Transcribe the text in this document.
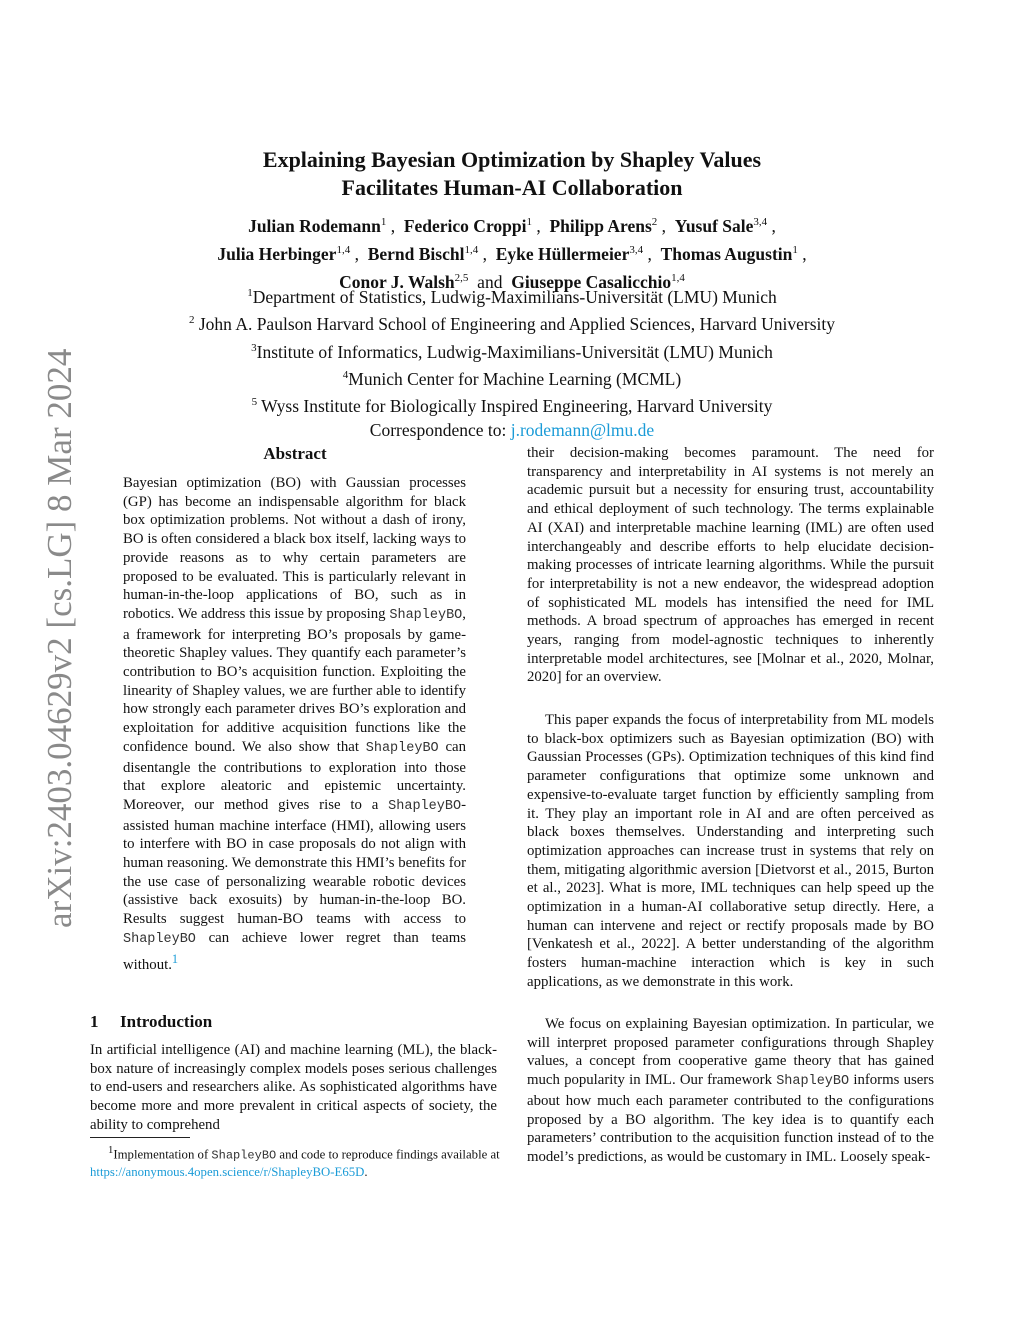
arXiv:2403.04629v2 [cs.LG] 8 Mar 2024
Explaining Bayesian Optimization by Shapley Values
Facilitates Human-AI Collaboration
Julian Rodemann$^1$ ,  Federico Croppi$^1$ ,  Philipp Arens$^2$ ,  Yusuf Sale$^{3,4}$ ,
Julia Herbinger$^{1,4}$ ,  Bernd Bischl$^{1,4}$ ,  Eyke Hüllermeier$^{3,4}$ ,  Thomas Augustin$^1$ ,
Conor J. Walsh$^{2,5}$ and Giuseppe Casalicchio$^{1,4}$
$^1$Department of Statistics, Ludwig-Maximilians-Universität (LMU) Munich
$^2$ John A. Paulson Harvard School of Engineering and Applied Sciences, Harvard University
$^3$Institute of Informatics, Ludwig-Maximilians-Universität (LMU) Munich
$^4$Munich Center for Machine Learning (MCML)
$^5$ Wyss Institute for Biologically Inspired Engineering, Harvard University
Correspondence to: j.rodemann@lmu.de
Abstract

Bayesian optimization (BO) with Gaussian processes (GP) has become an indispensable algorithm for black box optimization problems. Not without a dash of irony, BO is often considered a black box itself, lacking ways to provide reasons as to why certain parameters are proposed to be evaluated. This is particularly relevant in human-in-the-loop applications of BO, such as in robotics. We address this issue by proposing ShapleyBO, a framework for interpreting BO’s proposals by game-theoretic Shapley values. They quantify each parameter’s contribution to BO’s acquisition function. Exploiting the linearity of Shapley values, we are further able to identify how strongly each parameter drives BO’s exploration and exploitation for additive acquisition functions like the confidence bound. We also show that ShapleyBO can disentangle the contributions to exploration into those that explore aleatoric and epistemic uncertainty. Moreover, our method gives rise to a ShapleyBO-assisted human machine interface (HMI), allowing users to interfere with BO in case proposals do not align with human reasoning. We demonstrate this HMI’s benefits for the use case of personalizing wearable robotic devices (assistive back exosuits) by human-in-the-loop BO. Results suggest human-BO teams with access to ShapleyBO can achieve lower regret than teams without.$^1$

1 Introduction

In artificial intelligence (AI) and machine learning (ML), the black-box nature of increasingly complex models poses serious challenges to end-users and researchers alike. As sophisticated algorithms have become more and more prevalent in critical aspects of society, the ability to comprehend

$^1$Implementation of ShapleyBO and code to reproduce findings available at https://anonymous.4open.science/r/ShapleyBO-E65D.

their decision-making becomes paramount. The need for transparency and interpretability in AI systems is not merely an academic pursuit but a necessity for ensuring trust, accountability and ethical deployment of such technology. The terms explainable AI (XAI) and interpretable machine learning (IML) are often used interchangeably and describe efforts to help elucidate decision-making processes of intricate learning algorithms. While the pursuit for interpretability is not a new endeavor, the widespread adoption of sophisticated ML models has intensified the need for IML methods. A broad spectrum of approaches has emerged in recent years, ranging from model-agnostic techniques to inherently interpretable model architectures, see [Molnar et al., 2020, Molnar, 2020] for an overview.

This paper expands the focus of interpretability from ML models to black-box optimizers such as Bayesian optimization (BO) with Gaussian Processes (GPs). Optimization techniques of this kind find parameter configurations that optimize some unknown and expensive-to-evaluate target function by efficiently sampling from it. They play an important role in AI and are often perceived as black boxes themselves. Understanding and interpreting such optimization approaches can increase trust in systems that rely on them, mitigating algorithmic aversion [Dietvorst et al., 2015, Burton et al., 2023]. What is more, IML techniques can help speed up the optimization in a human-AI collaborative setup directly. Here, a human can intervene and reject or rectify proposals made by BO [Venkatesh et al., 2022]. A better understanding of the algorithm fosters human-machine interaction which is key in such applications, as we demonstrate in this work.

We focus on explaining Bayesian optimization. In particular, we will interpret proposed parameter configurations through Shapley values, a concept from cooperative game theory that has gained much popularity in IML. Our framework ShapleyBO informs users about how much each parameter contributed to the configurations proposed by a BO algorithm. The key idea is to quantify each parameters’ contribution to the acquisition function instead of to the model’s predictions, as would be customary in IML. Loosely speak-
